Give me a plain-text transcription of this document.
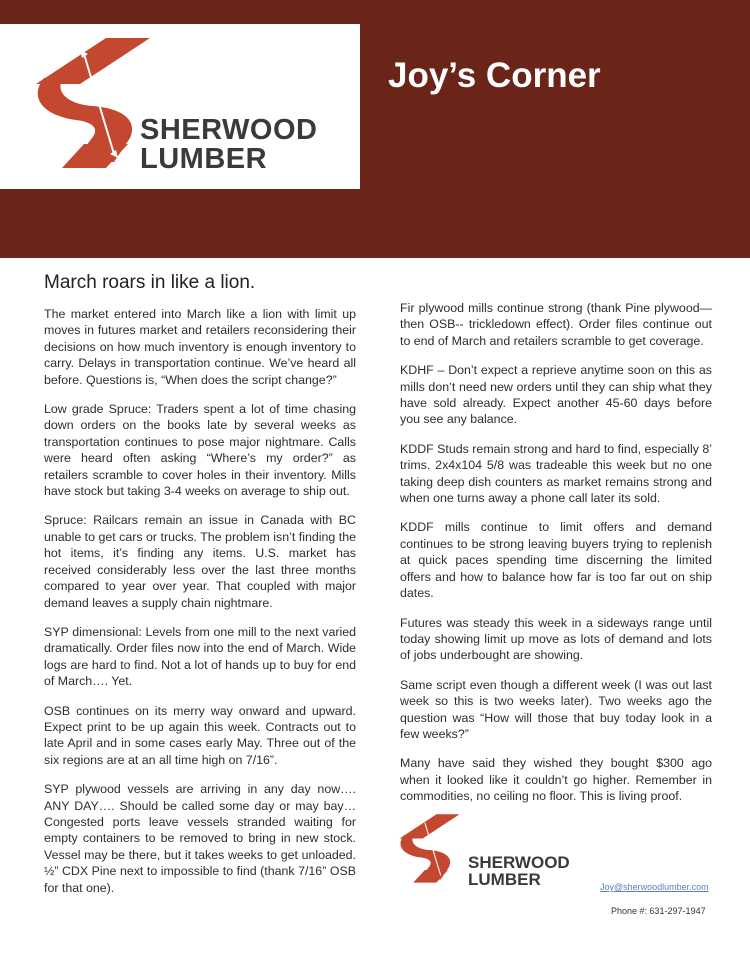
SHERWOOD
LUMBER
Joy’s Corner
March roars in like a lion.

The market entered into March like a lion with limit up moves in futures market and retailers reconsidering their decisions on how much inventory is enough inventory to carry. Delays in transportation continue. We’ve heard all before. Questions is, “When does the script change?”

Low grade Spruce: Traders spent a lot of time chasing down orders on the books late by several weeks as transportation continues to pose major nightmare. Calls were heard often asking “Where’s my order?” as retailers scramble to cover holes in their inventory. Mills have stock but taking 3-4 weeks on average to ship out.

Spruce: Railcars remain an issue in Canada with BC unable to get cars or trucks. The problem isn’t finding the hot items, it’s finding any items. U.S. market has received considerably less over the last three months compared to year over year. That coupled with major demand leaves a supply chain nightmare.

SYP dimensional: Levels from one mill to the next varied dramatically. Order files now into the end of March. Wide logs are hard to find. Not a lot of hands up to buy for end of March…. Yet.

OSB continues on its merry way onward and upward. Expect print to be up again this week. Contracts out to late April and in some cases early May. Three out of the six regions are at an all time high on 7/16”.

SYP plywood vessels are arriving in any day now…. ANY DAY…. Should be called some day or may bay… Congested ports leave vessels stranded waiting for empty containers to be removed to bring in new stock. Vessel may be there, but it takes weeks to get unloaded. ½” CDX Pine next to impossible to find (thank 7/16” OSB for that one).

Fir plywood mills continue strong (thank Pine plywood—then OSB-- trickledown effect). Order files continue out to end of March and retailers scramble to get coverage.

KDHF – Don’t expect a reprieve anytime soon on this as mills don’t need new orders until they can ship what they have sold already. Expect another 45-60 days before you see any balance.

KDDF Studs remain strong and hard to find, especially 8’ trims. 2x4x104 5/8 was tradeable this week but no one taking deep dish counters as market remains strong and when one turns away a phone call later its sold.

KDDF mills continue to limit offers and demand continues to be strong leaving buyers trying to replenish at quick paces spending time discerning the limited offers and how to balance how far is too far out on ship dates.

Futures was steady this week in a sideways range until today showing limit up move as lots of demand and lots of jobs underbought are showing.

Same script even though a different week (I was out last week so this is two weeks later). Two weeks ago the question was “How will those that buy today look in a few weeks?”

Many have said they wished they bought $300 ago when it looked like it couldn’t go higher. Remember in commodities, no ceiling no floor. This is living proof.

SHERWOOD
LUMBER	Joy@sherwoodlumber.com

Phone #: 631-297-1947
